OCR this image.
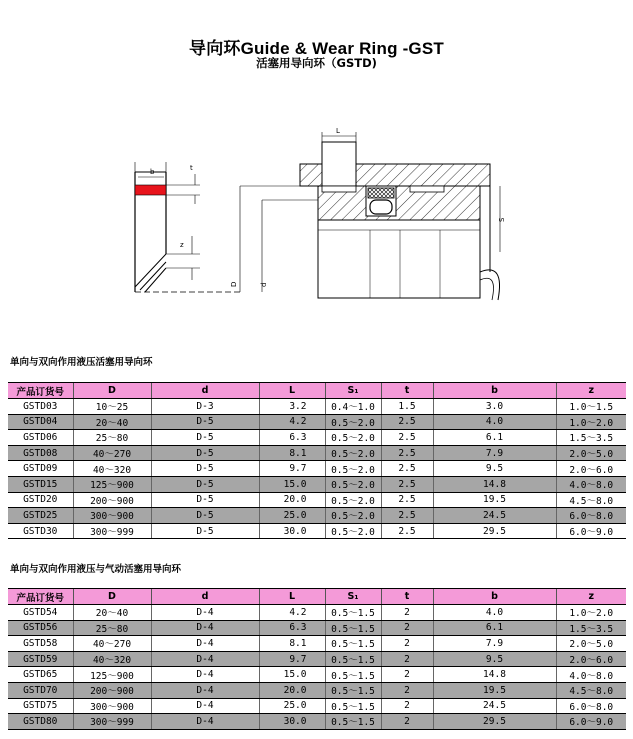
导向环Guide & Wear Ring -GST
活塞用导向环（GSTD)
b	t
z
D	d
L
S
单向与双向作用液压活塞用导向环
产品订货号	D	d	L	S₁	t	b	z
GSTD03	10～25	D-3	3.2	0.4～1.0	1.5	3.0	1.0～1.5
GSTD04	20～40	D-5	4.2	0.5～2.0	2.5	4.0	1.0～2.0
GSTD06	25～80	D-5	6.3	0.5～2.0	2.5	6.1	1.5～3.5
GSTD08	40～270	D-5	8.1	0.5～2.0	2.5	7.9	2.0～5.0
GSTD09	40～320	D-5	9.7	0.5～2.0	2.5	9.5	2.0～6.0
GSTD15	125～900	D-5	15.0	0.5～2.0	2.5	14.8	4.0～8.0
GSTD20	200～900	D-5	20.0	0.5～2.0	2.5	19.5	4.5～8.0
GSTD25	300～900	D-5	25.0	0.5～2.0	2.5	24.5	6.0～8.0
GSTD30	300～999	D-5	30.0	0.5～2.0	2.5	29.5	6.0～9.0
单向与双向作用液压与气动活塞用导向环
产品订货号	D	d	L	S₁	t	b	z
GSTD54	20～40	D-4	4.2	0.5～1.5	2	4.0	1.0～2.0
GSTD56	25～80	D-4	6.3	0.5～1.5	2	6.1	1.5～3.5
GSTD58	40～270	D-4	8.1	0.5～1.5	2	7.9	2.0～5.0
GSTD59	40～320	D-4	9.7	0.5～1.5	2	9.5	2.0～6.0
GSTD65	125～900	D-4	15.0	0.5～1.5	2	14.8	4.0～8.0
GSTD70	200～900	D-4	20.0	0.5～1.5	2	19.5	4.5～8.0
GSTD75	300～900	D-4	25.0	0.5～1.5	2	24.5	6.0～8.0
GSTD80	300～999	D-4	30.0	0.5～1.5	2	29.5	6.0～9.0
